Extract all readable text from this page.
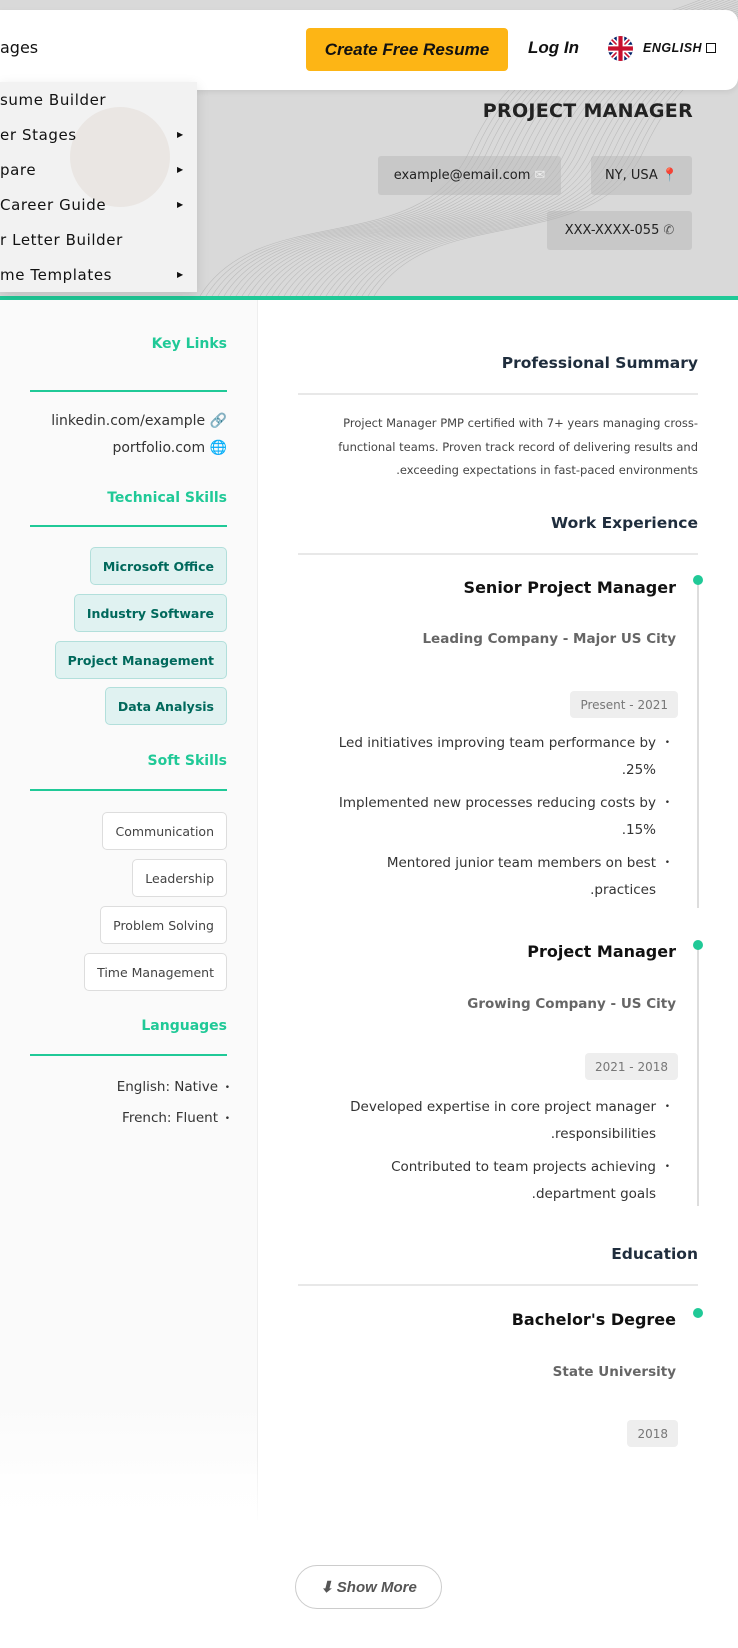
PROJECT MANAGER
example@email.com ✉	NY, USA 📍
XXX-XXXX-055 ✆
ages	Create Free Resume	Log In	ENGLISH
sume Builder
er Stages	▶
pare	▶
Career Guide	▶
r Letter Builder
me Templates	▶
Key Links
linkedin.com/example 🔗
portfolio.com 🌐
Technical Skills
Microsoft Office
Industry Software
Project Management
Data Analysis
Soft Skills
Communication
Leadership
Problem Solving
Time Management
Languages
English: Native •
French: Fluent •
Professional Summary
Project Manager PMP certified with 7+ years managing cross-
functional teams. Proven track record of delivering results and
.exceeding expectations in fast-paced environments
Work Experience
Senior Project Manager
Leading Company - Major US City
Present - 2021
•
Led initiatives improving team performance by
.25%
•
Implemented new processes reducing costs by
.15%
•
Mentored junior team members on best
.practices
Project Manager
Growing Company - US City
2021 - 2018
•
Developed expertise in core project manager
.responsibilities
•
Contributed to team projects achieving
.department goals
Education
Bachelor's Degree
State University
2018
⬇ Show More
